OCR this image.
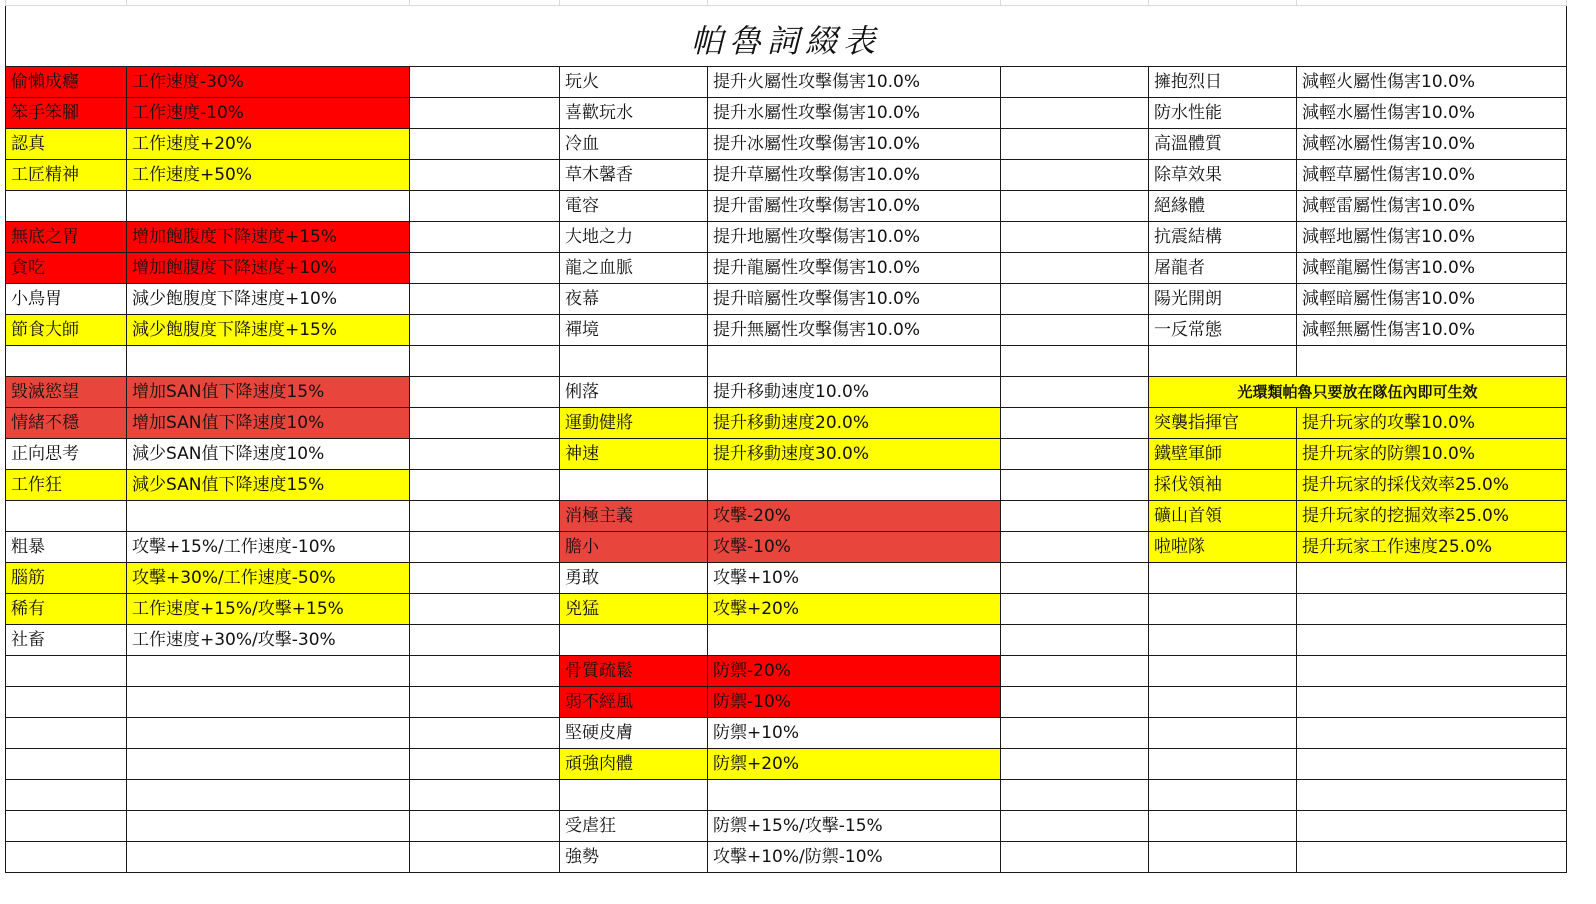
帕魯詞綴表							
偷懶成癮	工作速度-30%		玩火	提升火屬性攻擊傷害10.0%		擁抱烈日	減輕火屬性傷害10.0%
笨手笨腳	工作速度-10%		喜歡玩水	提升水屬性攻擊傷害10.0%		防水性能	減輕水屬性傷害10.0%
認真	工作速度+20%		冷血	提升冰屬性攻擊傷害10.0%		高溫體質	減輕冰屬性傷害10.0%
工匠精神	工作速度+50%		草木馨香	提升草屬性攻擊傷害10.0%		除草效果	減輕草屬性傷害10.0%
			電容	提升雷屬性攻擊傷害10.0%		絕緣體	減輕雷屬性傷害10.0%
無底之胃	增加飽腹度下降速度+15%		大地之力	提升地屬性攻擊傷害10.0%		抗震結構	減輕地屬性傷害10.0%
貪吃	增加飽腹度下降速度+10%		龍之血脈	提升龍屬性攻擊傷害10.0%		屠龍者	減輕龍屬性傷害10.0%
小鳥胃	減少飽腹度下降速度+10%		夜幕	提升暗屬性攻擊傷害10.0%		陽光開朗	減輕暗屬性傷害10.0%
節食大師	減少飽腹度下降速度+15%		禪境	提升無屬性攻擊傷害10.0%		一反常態	減輕無屬性傷害10.0%

毀滅慾望	增加SAN值下降速度15%		俐落	提升移動速度10.0%		光環類帕魯只要放在隊伍內即可生效	
情緒不穩	增加SAN值下降速度10%		運動健將	提升移動速度20.0%		突襲指揮官	提升玩家的攻擊10.0%
正向思考	減少SAN值下降速度10%		神速	提升移動速度30.0%		鐵壁軍師	提升玩家的防禦10.0%
工作狂	減少SAN值下降速度15%					採伐領袖	提升玩家的採伐效率25.0%
			消極主義	攻擊-20%		礦山首領	提升玩家的挖掘效率25.0%
粗暴	攻擊+15%/工作速度-10%		膽小	攻擊-10%		啦啦隊	提升玩家工作速度25.0%
腦筋	攻擊+30%/工作速度-50%		勇敢	攻擊+10%			
稀有	工作速度+15%/攻擊+15%		兇猛	攻擊+20%			
社畜	工作速度+30%/攻擊-30%						
			骨質疏鬆	防禦-20%			
			弱不經風	防禦-10%			
			堅硬皮膚	防禦+10%			
			頑強肉體	防禦+20%			

			受虐狂	防禦+15%/攻擊-15%			
			強勢	攻擊+10%/防禦-10%			
